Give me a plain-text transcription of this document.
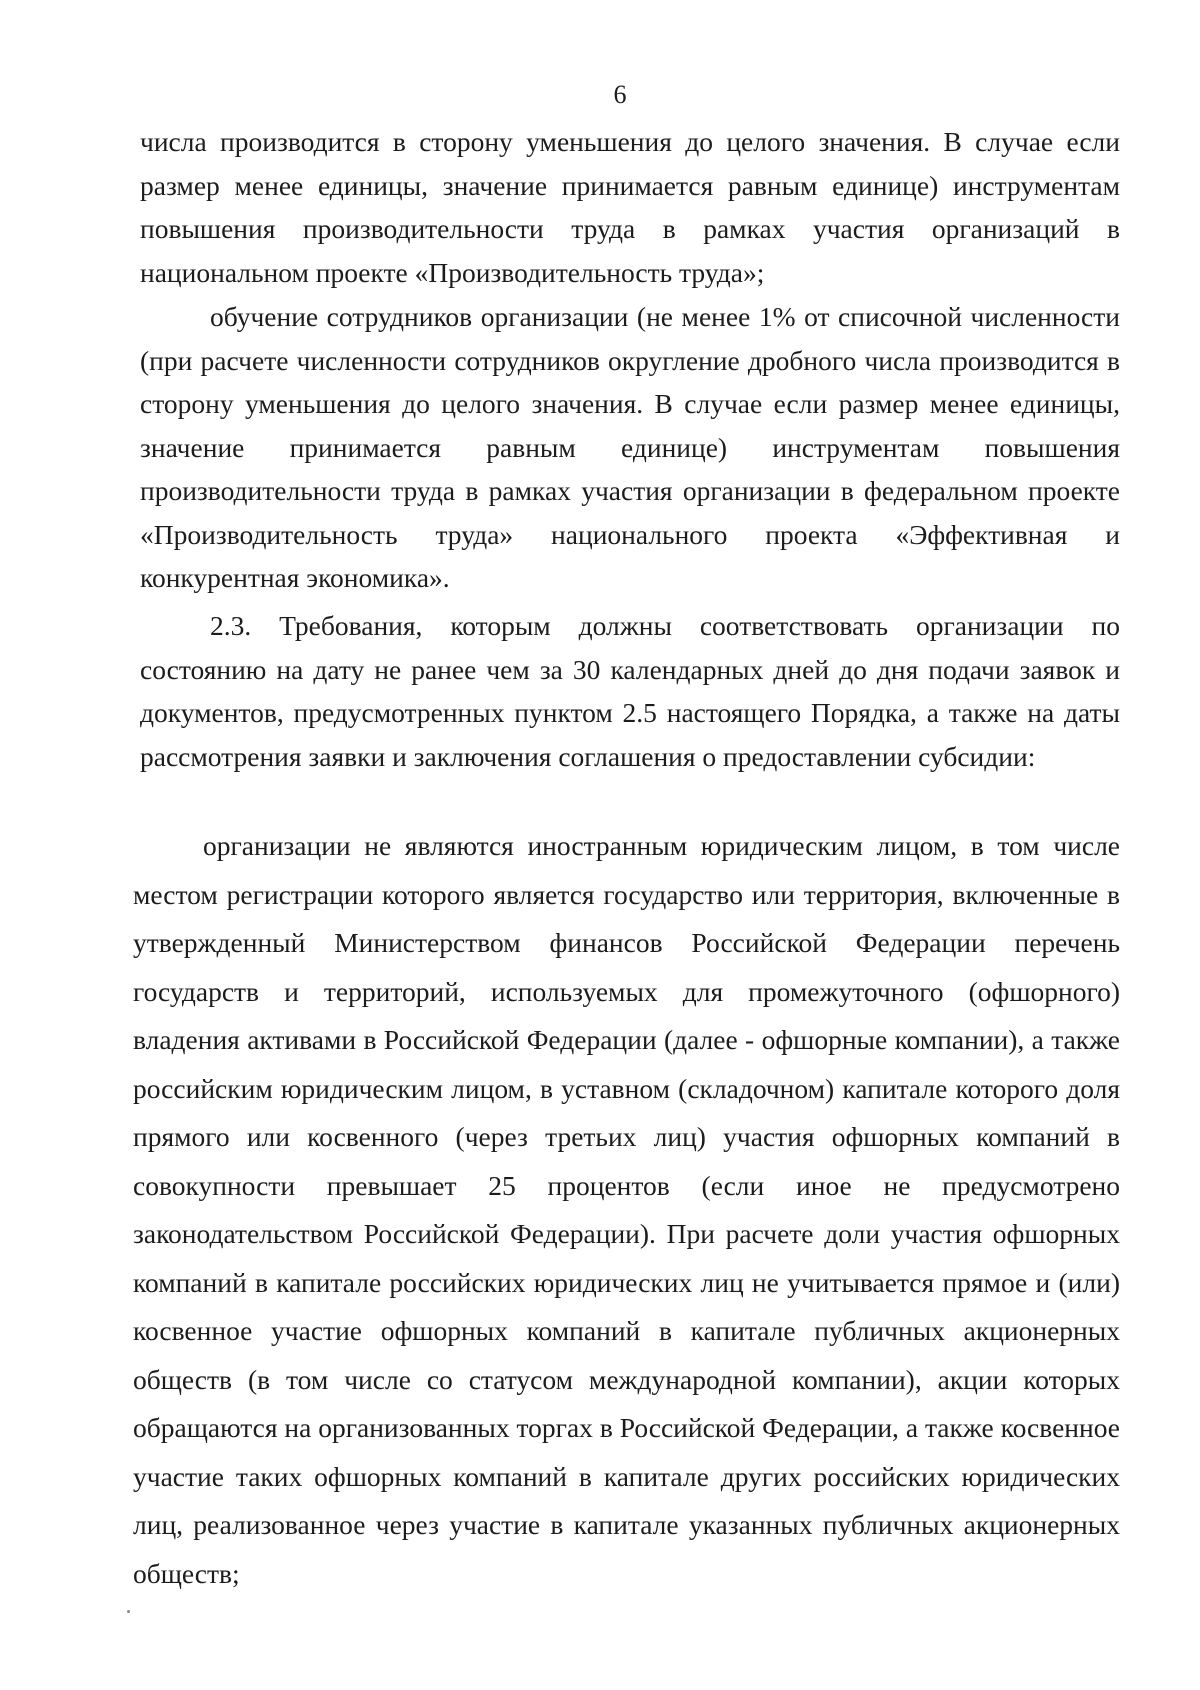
6

числа производится в сторону уменьшения до целого значения. В случае если размер менее единицы, значение принимается равным единице) инструментам повышения производительности труда в рамках участия организаций в национальном проекте «Производительность труда»;

обучение сотрудников организации (не менее 1% от списочной численности (при расчете численности сотрудников округление дробного числа производится в сторону уменьшения до целого значения. В случае если размер менее единицы, значение принимается равным единице) инструментам повышения производительности труда в рамках участия организации в федеральном проекте «Производительность труда» национального проекта «Эффективная и конкурентная экономика».

2.3. Требования, которым должны соответствовать организации по состоянию на дату не ранее чем за 30 календарных дней до дня подачи заявок и документов, предусмотренных пунктом 2.5 настоящего Порядка, а также на даты рассмотрения заявки и заключения соглашения о предоставлении субсидии:

организации не являются иностранным юридическим лицом, в том числе местом регистрации которого является государство или территория, включенные в утвержденный Министерством финансов Российской Федерации перечень государств и территорий, используемых для промежуточного (офшорного) владения активами в Российской Федерации (далее - офшорные компании), а также российским юридическим лицом, в уставном (складочном) капитале которого доля прямого или косвенного (через третьих лиц) участия офшорных компаний в совокупности превышает 25 процентов (если иное не предусмотрено законодательством Российской Федерации). При расчете доли участия офшорных компаний в капитале российских юридических лиц не учитывается прямое и (или) косвенное участие офшорных компаний в капитале публичных акционерных обществ (в том числе со статусом международной компании), акции которых обращаются на организованных торгах в Российской Федерации, а также косвенное участие таких офшорных компаний в капитале других российских юридических лиц, реализованное через участие в капитале указанных публичных акционерных обществ;
